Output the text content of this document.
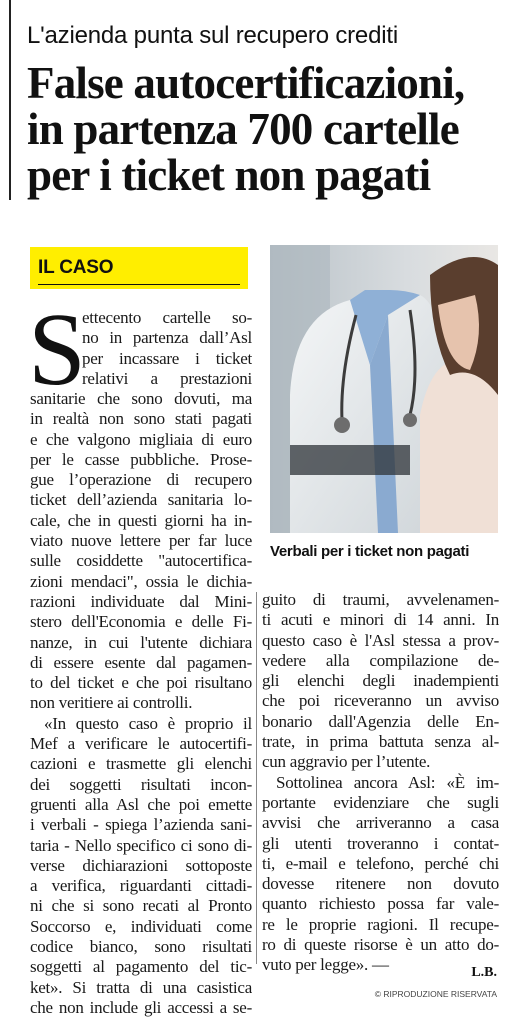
L'azienda punta sul recupero crediti
False autocertificazioni,
in partenza 700 cartelle
per i ticket non pagati
IL CASO
S
ettecento cartelle so-
no in partenza dall’Asl
per incassare i ticket
relativi a prestazioni
sanitarie che sono dovuti, ma
in realtà non sono stati pagati
e che valgono migliaia di euro
per le casse pubbliche. Prose-
gue l’operazione di recupero
ticket dell’azienda sanitaria lo-
cale, che in questi giorni ha in-
viato nuove lettere per far luce
sulle cosiddette "autocertifica-
zioni mendaci", ossia le dichia-
razioni individuate dal Mini-
stero dell'Economia e delle Fi-
nanze, in cui l'utente dichiara
di essere esente dal pagamen-
to del ticket e che poi risultano
non veritiere ai controlli.
«In questo caso è proprio il
Mef a verificare le autocertifi-
cazioni e trasmette gli elenchi
dei soggetti risultati incon-
gruenti alla Asl che poi emette
i verbali - spiega l’azienda sani-
taria - Nello specifico ci sono di-
verse dichiarazioni sottoposte
a verifica, riguardanti cittadi-
ni che si sono recati al Pronto
Soccorso e, individuati come
codice bianco, sono risultati
soggetti al pagamento del tic-
ket». Si tratta di una casistica
che non include gli accessi a se-
Verbali per i ticket non pagati
guito di traumi, avvelenamen-
ti acuti e minori di 14 anni. In
questo caso è l'Asl stessa a prov-
vedere alla compilazione de-
gli elenchi degli inadempienti
che poi riceveranno un avviso
bonario dall'Agenzia delle En-
trate, in prima battuta senza al-
cun aggravio per l’utente.
Sottolinea ancora Asl: «È im-
portante evidenziare che sugli
avvisi che arriveranno a casa
gli utenti troveranno i contat-
ti, e-mail e telefono, perché chi
dovesse ritenere non dovuto
quanto richiesto possa far vale-
re le proprie ragioni. Il recupe-
ro di queste risorse è un atto do-
vuto per legge». —	L.B.
© RIPRODUZIONE RISERVATA
